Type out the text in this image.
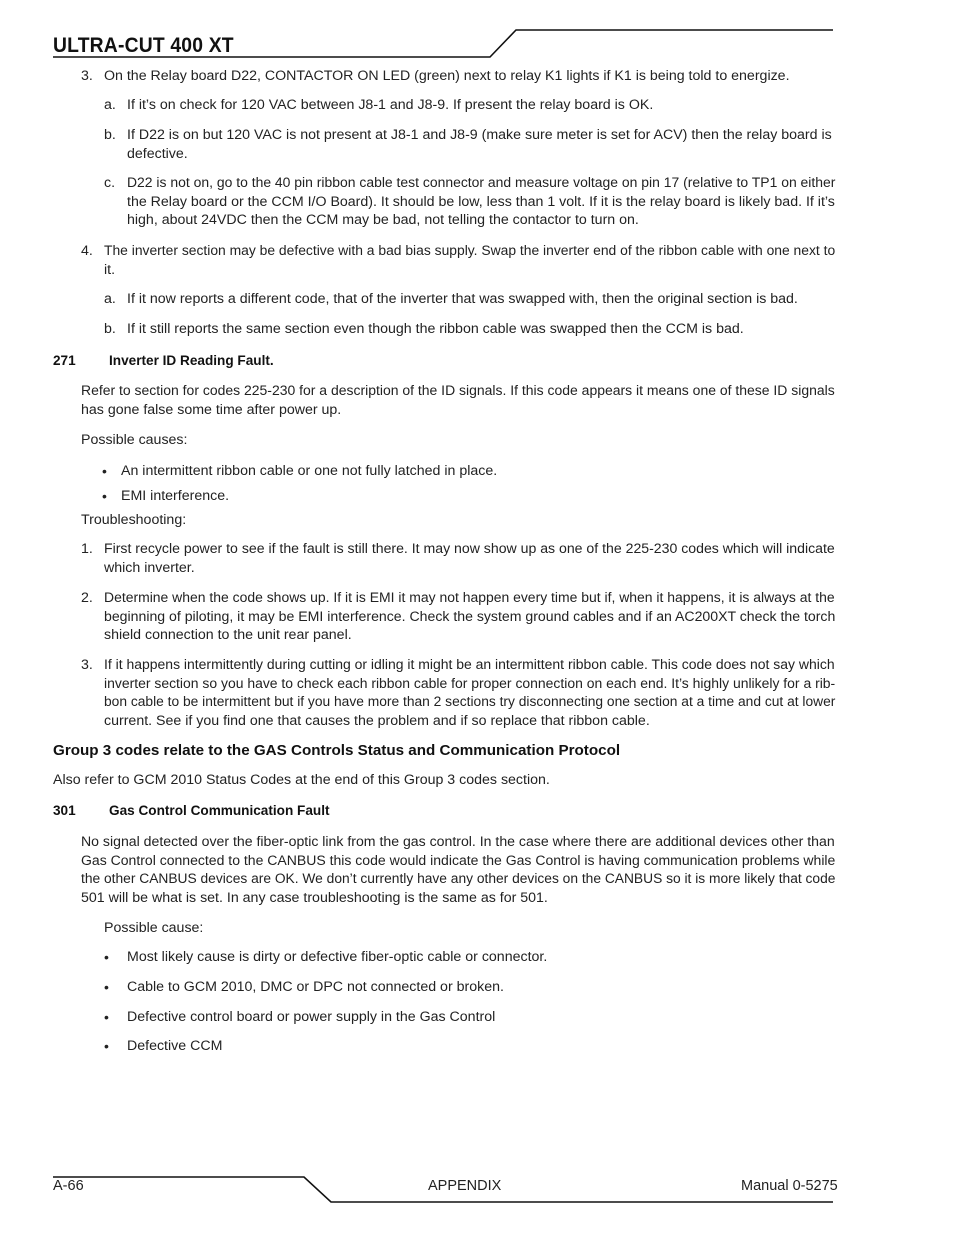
ULTRA-CUT 400 XT
3. On the Relay board D22, CONTACTOR ON LED (green) next to relay K1 lights if K1 is being told to energize.
a. If it’s on check for 120 VAC between J8-1 and J8-9. If present the relay board is OK.
b. If D22 is on but 120 VAC is not present at J8-1 and J8-9 (make sure meter is set for ACV) then the relay board is
defective.
c. D22 is not on, go to the 40 pin ribbon cable test connector and measure voltage on pin 17 (relative to TP1 on either
the Relay board or the CCM I/O Board). It should be low, less than 1 volt. If it is the relay board is likely bad. If it’s
high, about 24VDC then the CCM may be bad, not telling the contactor to turn on.
4. The inverter section may be defective with a bad bias supply. Swap the inverter end of the ribbon cable with one next to
it.
a. If it now reports a different code, that of the inverter that was swapped with, then the original section is bad.
b. If it still reports the same section even though the ribbon cable was swapped then the CCM is bad.
271 Inverter ID Reading Fault.
Refer to section for codes 225-230 for a description of the ID signals. If this code appears it means one of these ID signals
has gone false some time after power up.
Possible causes:
• An intermittent ribbon cable or one not fully latched in place.
• EMI interference.
Troubleshooting:
1. First recycle power to see if the fault is still there. It may now show up as one of the 225-230 codes which will indicate
which inverter.
2. Determine when the code shows up. If it is EMI it may not happen every time but if, when it happens, it is always at the
beginning of piloting, it may be EMI interference. Check the system ground cables and if an AC200XT check the torch
shield connection to the unit rear panel.
3. If it happens intermittently during cutting or idling it might be an intermittent ribbon cable. This code does not say which
inverter section so you have to check each ribbon cable for proper connection on each end. It’s highly unlikely for a rib-
bon cable to be intermittent but if you have more than 2 sections try disconnecting one section at a time and cut at lower
current. See if you find one that causes the problem and if so replace that ribbon cable.
Group 3 codes relate to the GAS Controls Status and Communication Protocol
Also refer to GCM 2010 Status Codes at the end of this Group 3 codes section.
301 Gas Control Communication Fault
No signal detected over the fiber-optic link from the gas control. In the case where there are additional devices other than
Gas Control connected to the CANBUS this code would indicate the Gas Control is having communication problems while
the other CANBUS devices are OK. We don’t currently have any other devices on the CANBUS so it is more likely that code
501 will be what is set. In any case troubleshooting is the same as for 501.
Possible cause:
• Most likely cause is dirty or defective fiber-optic cable or connector.
• Cable to GCM 2010, DMC or DPC not connected or broken.
• Defective control board or power supply in the Gas Control
• Defective CCM
A-66	APPENDIX	Manual 0-5275
